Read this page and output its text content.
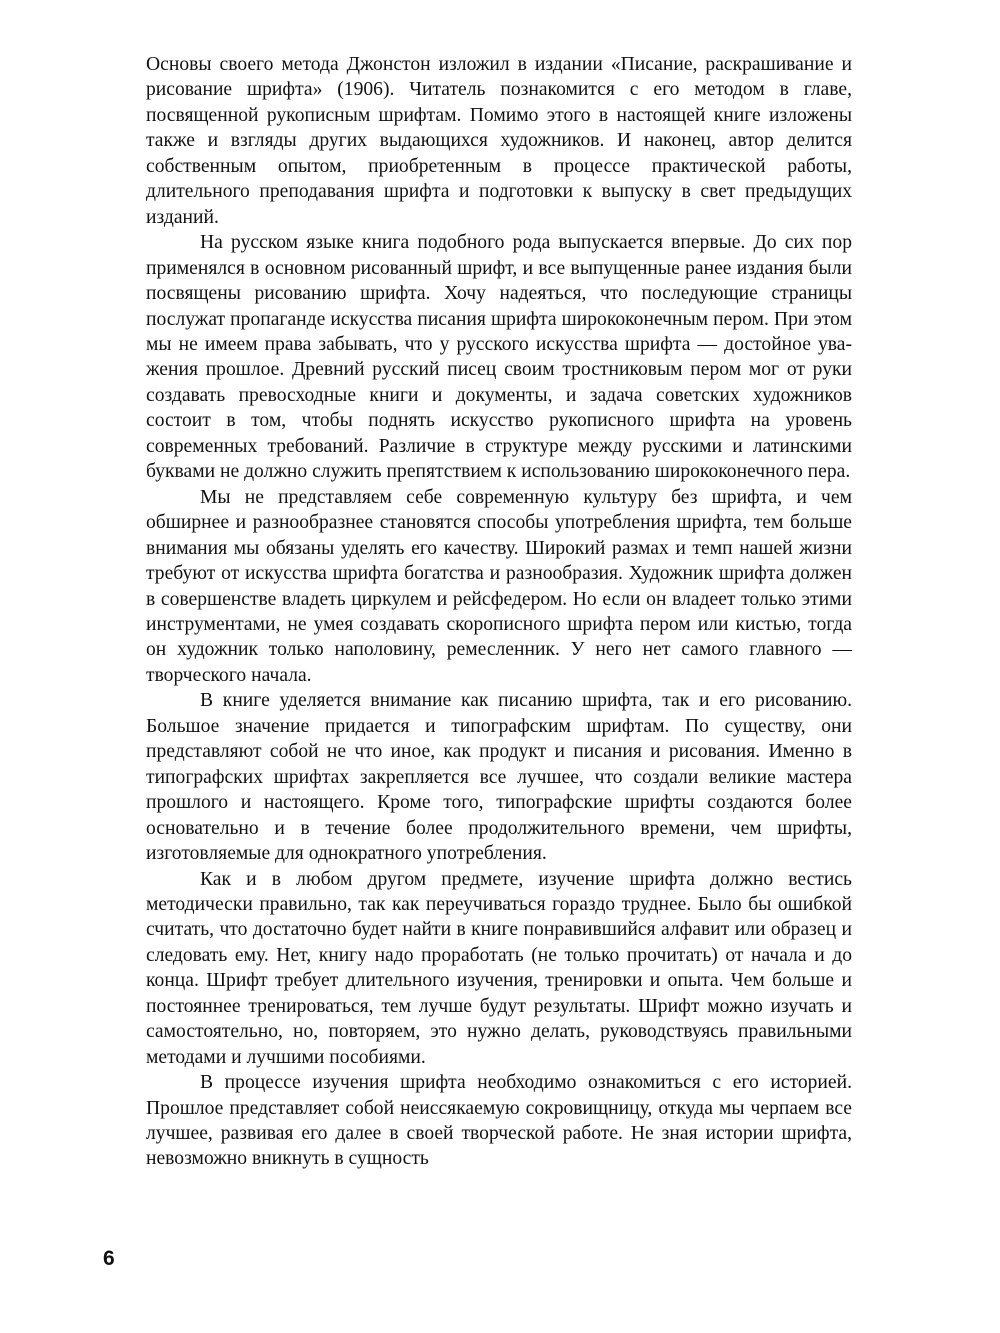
Основы своего метода Джонстон изложил в издании «Писание, раскрашивание и рисование шрифта» (1906). Читатель познакомится с его методом в главе, посвященной рукописным шрифтам. Помимо этого в настоящей книге изложены также и взгляды других выдающихся художников. И наконец, автор делится собственным опытом, приобретенным в процессе практической работы, длительного преподавания шрифта и подготовки к выпуску в свет предыдущих изданий.

На русском языке книга подобного рода выпускается впервые. До сих пор применялся в основном рисованный шрифт, и все выпущенные ранее издания были посвящены рисованию шрифта. Хочу надеяться, что последующие страницы послужат пропаганде искусства писания шрифта ширококонечным пером. При этом мы не имеем права забывать, что у русского искусства шрифта — достойное уважения прошлое. Древний русский писец своим тростниковым пером мог от руки создавать превосходные книги и документы, и задача советских художников состоит в том, чтобы поднять искусство рукописного шрифта на уровень современных требований. Различие в структуре между русскими и латинскими буквами не должно служить препятствием к использованию ширококонечного пера.

Мы не представляем себе современную культуру без шрифта, и чем обширнее и разнообразнее становятся способы употребления шрифта, тем больше внимания мы обязаны уделять его качеству. Широкий размах и темп нашей жизни требуют от искусства шрифта богатства и разнообразия. Художник шрифта должен в совершенстве владеть циркулем и рейсфедером. Но если он владеет только этими инструментами, не умея создавать скорописного шрифта пером или кистью, тогда он художник только наполовину, ремесленник. У него нет самого главного — творческого начала.

В книге уделяется внимание как писанию шрифта, так и его рисованию. Большое значение придается и типографским шрифтам. По существу, они представляют собой не что иное, как продукт и писания и рисования. Именно в типографских шрифтах закрепляется все лучшее, что создали великие мастера прошлого и настоящего. Кроме того, типографские шрифты создаются более основательно и в течение более продолжительного времени, чем шрифты, изготовляемые для однократного употребления.

Как и в любом другом предмете, изучение шрифта должно вестись методически правильно, так как переучиваться гораздо труднее. Было бы ошибкой считать, что достаточно будет найти в книге понравившийся алфавит или образец и следовать ему. Нет, книгу надо проработать (не только прочитать) от начала и до конца. Шрифт требует длительного изучения, тренировки и опыта. Чем больше и постояннее тренироваться, тем лучше будут результаты. Шрифт можно изучать и самостоятельно, но, повторяем, это нужно делать, руководствуясь правильными методами и лучшими пособиями.

В процессе изучения шрифта необходимо ознакомиться с его историей. Прошлое представляет собой неиссякаемую сокровищницу, откуда мы черпаем все лучшее, развивая его далее в своей творческой работе. Не зная истории шрифта, невозможно вникнуть в сущность

6
